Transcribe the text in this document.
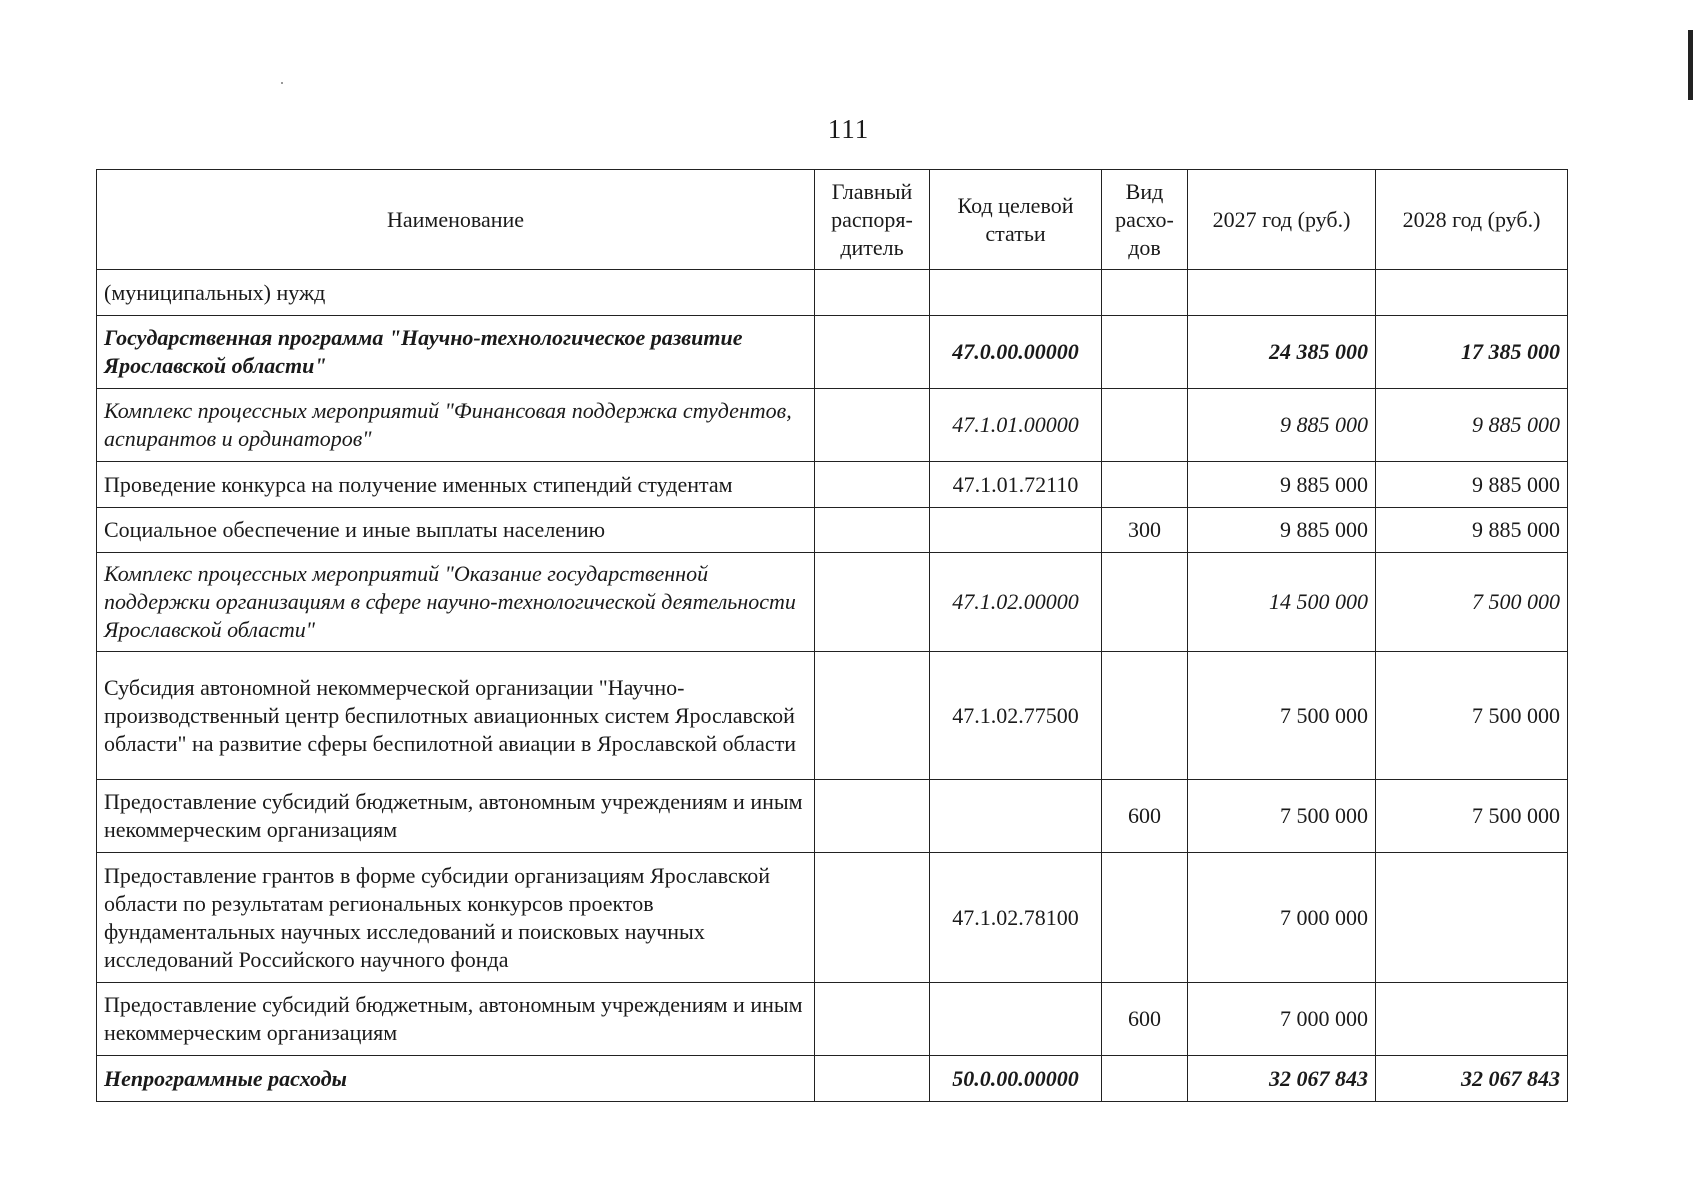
111
Наименование	Главный распоря- дитель	Код целевой статьи	Вид расхо- дов	2027 год (руб.)	2028 год (руб.)
(муниципальных) нужд					
Государственная программа "Научно-технологическое развитие Ярославской области"		47.0.00.00000		24 385 000	17 385 000
Комплекс процессных мероприятий "Финансовая поддержка студентов, аспирантов и ординаторов"		47.1.01.00000		9 885 000	9 885 000
Проведение конкурса на получение именных стипендий студентам		47.1.01.72110		9 885 000	9 885 000
Социальное обеспечение и иные выплаты населению			300	9 885 000	9 885 000
Комплекс процессных мероприятий "Оказание государственной поддержки организациям в сфере научно-технологической деятельности Ярославской области"		47.1.02.00000		14 500 000	7 500 000
Субсидия автономной некоммерческой организации "Научно-производственный центр беспилотных авиационных систем Ярославской области" на развитие сферы беспилотной авиации в Ярославской области		47.1.02.77500		7 500 000	7 500 000
Предоставление субсидий бюджетным, автономным учреждениям и иным некоммерческим организациям			600	7 500 000	7 500 000
Предоставление грантов в форме субсидии организациям Ярославской области по результатам региональных конкурсов проектов фундаментальных научных исследований и поисковых научных исследований Российского научного фонда		47.1.02.78100		7 000 000	
Предоставление субсидий бюджетным, автономным учреждениям и иным некоммерческим организациям			600	7 000 000	
Непрограммные расходы		50.0.00.00000		32 067 843	32 067 843
